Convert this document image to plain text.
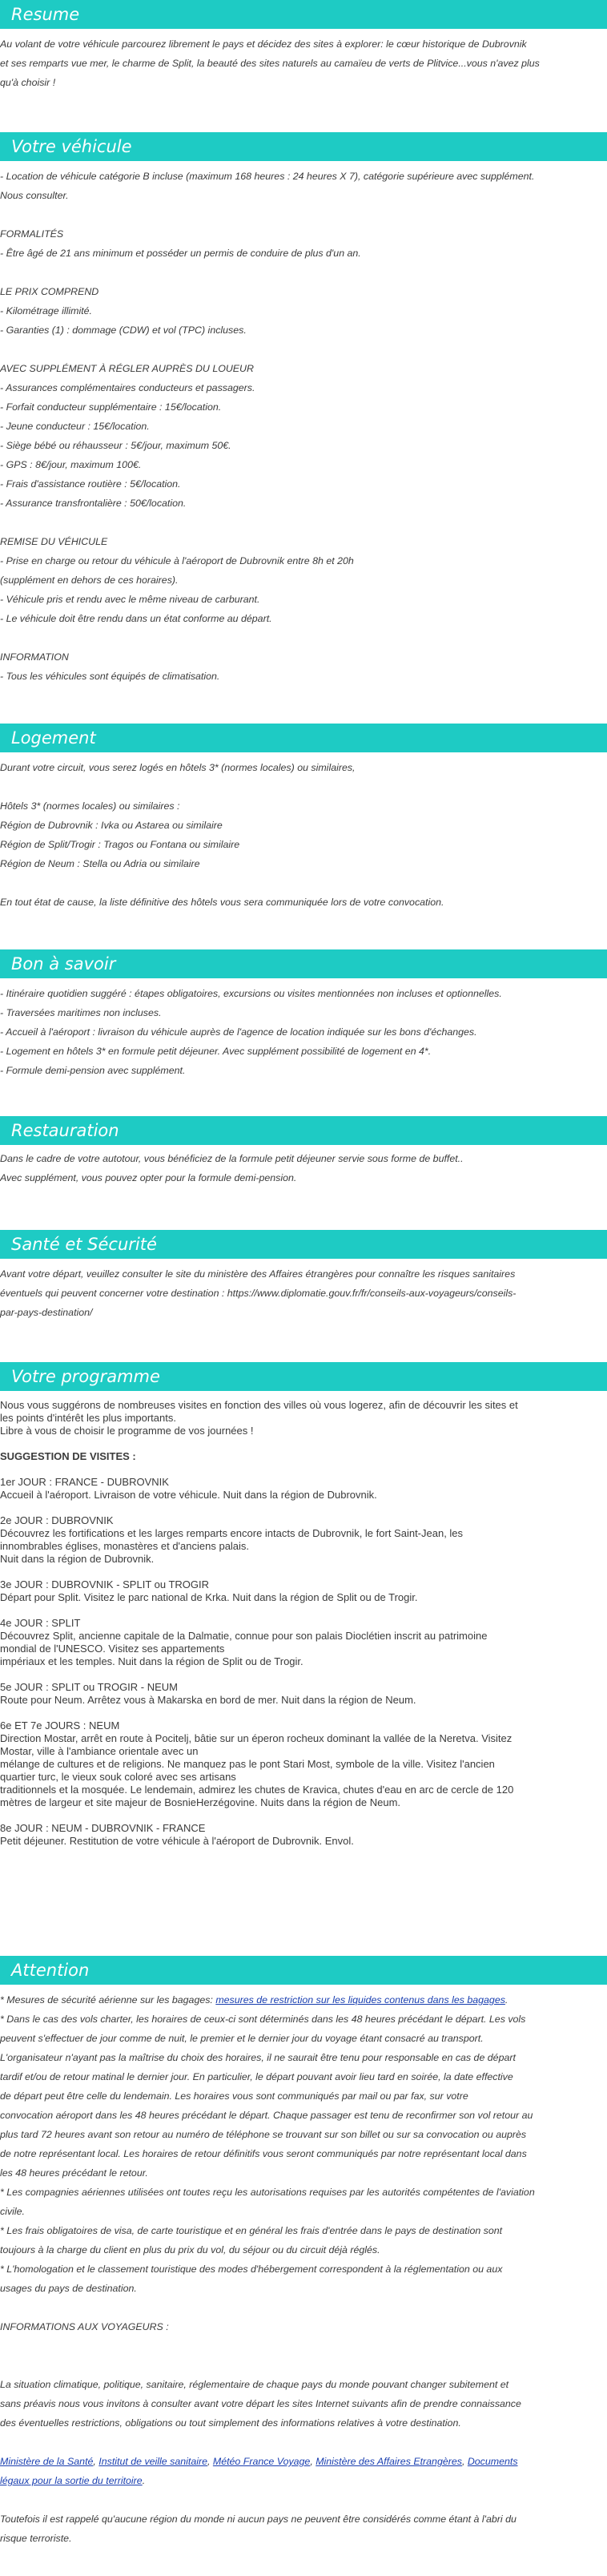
Resume
Au volant de votre véhicule parcourez librement le pays et décidez des sites à explorer: le cœur historique de Dubrovnik
et ses remparts vue mer, le charme de Split, la beauté des sites naturels au camaïeu de verts de Plitvice...vous n'avez plus
qu'à choisir !
Votre véhicule
- Location de véhicule catégorie B incluse (maximum 168 heures : 24 heures X 7), catégorie supérieure avec supplément.
Nous consulter.
FORMALITÉS
- Être âgé de 21 ans minimum et posséder un permis de conduire de plus d'un an.
LE PRIX COMPREND
- Kilométrage illimité.
- Garanties (1) : dommage (CDW) et vol (TPC) incluses.
AVEC SUPPLÉMENT À RÉGLER AUPRÈS DU LOUEUR
- Assurances complémentaires conducteurs et passagers.
- Forfait conducteur supplémentaire : 15€/location.
- Jeune conducteur : 15€/location.
- Siège bébé ou réhausseur : 5€/jour, maximum 50€.
- GPS : 8€/jour, maximum 100€.
- Frais d'assistance routière : 5€/location.
- Assurance transfrontalière : 50€/location.
REMISE DU VÉHICULE
- Prise en charge ou retour du véhicule à l'aéroport de Dubrovnik entre 8h et 20h
(supplément en dehors de ces horaires).
- Véhicule pris et rendu avec le même niveau de carburant.
- Le véhicule doit être rendu dans un état conforme au départ.
INFORMATION
- Tous les véhicules sont équipés de climatisation.
Logement
Durant votre circuit, vous serez logés en hôtels 3* (normes locales) ou similaires,
Hôtels 3* (normes locales) ou similaires :
Région de Dubrovnik : Ivka ou Astarea ou similaire
Région de Split/Trogir : Tragos ou Fontana ou similaire
Région de Neum : Stella ou Adria ou similaire
En tout état de cause, la liste définitive des hôtels vous sera communiquée lors de votre convocation.
Bon à savoir
- Itinéraire quotidien suggéré : étapes obligatoires, excursions ou visites mentionnées non incluses et optionnelles.
- Traversées maritimes non incluses.
- Accueil à l'aéroport : livraison du véhicule auprès de l'agence de location indiquée sur les bons d'échanges.
- Logement en hôtels 3* en formule petit déjeuner. Avec supplément possibilité de logement en 4*.
- Formule demi-pension avec supplément.
Restauration
Dans le cadre de votre autotour, vous bénéficiez de la formule petit déjeuner servie sous forme de buffet..
Avec supplément, vous pouvez opter pour la formule demi-pension.
Santé et Sécurité
Avant votre départ, veuillez consulter le site du ministère des Affaires étrangères pour connaître les risques sanitaires
éventuels qui peuvent concerner votre destination : https://www.diplomatie.gouv.fr/fr/conseils-aux-voyageurs/conseils-
par-pays-destination/
Votre programme
Nous vous suggérons de nombreuses visites en fonction des villes où vous logerez, afin de découvrir les sites et
les points d'intérêt les plus importants.
Libre à vous de choisir le programme de vos journées !
SUGGESTION DE VISITES :
1er JOUR : FRANCE - DUBROVNIK
Accueil à l'aéroport. Livraison de votre véhicule. Nuit dans la région de Dubrovnik.
2e JOUR : DUBROVNIK
Découvrez les fortifications et les larges remparts encore intacts de Dubrovnik, le fort Saint-Jean, les
innombrables églises, monastères et d'anciens palais.
Nuit dans la région de Dubrovnik.
3e JOUR : DUBROVNIK - SPLIT ou TROGIR
Départ pour Split. Visitez le parc national de Krka. Nuit dans la région de Split ou de Trogir.
4e JOUR : SPLIT
Découvrez Split, ancienne capitale de la Dalmatie, connue pour son palais Dioclétien inscrit au patrimoine
mondial de l'UNESCO. Visitez ses appartements
impériaux et les temples. Nuit dans la région de Split ou de Trogir.
5e JOUR : SPLIT ou TROGIR - NEUM
Route pour Neum. Arrêtez vous à Makarska en bord de mer. Nuit dans la région de Neum.
6e ET 7e JOURS : NEUM
Direction Mostar, arrêt en route à Pocitelj, bâtie sur un éperon rocheux dominant la vallée de la Neretva. Visitez
Mostar, ville à l'ambiance orientale avec un
mélange de cultures et de religions. Ne manquez pas le pont Stari Most, symbole de la ville. Visitez l'ancien
quartier turc, le vieux souk coloré avec ses artisans
traditionnels et la mosquée. Le lendemain, admirez les chutes de Kravica, chutes d'eau en arc de cercle de 120
mètres de largeur et site majeur de BosnieHerzégovine. Nuits dans la région de Neum.
8e JOUR : NEUM - DUBROVNIK - FRANCE
Petit déjeuner. Restitution de votre véhicule à l'aéroport de Dubrovnik. Envol.
Attention
* Mesures de sécurité aérienne sur les bagages: mesures de restriction sur les liquides contenus dans les bagages.
* Dans le cas des vols charter, les horaires de ceux-ci sont déterminés dans les 48 heures précédant le départ. Les vols
peuvent s'effectuer de jour comme de nuit, le premier et le dernier jour du voyage étant consacré au transport.
L'organisateur n'ayant pas la maîtrise du choix des horaires, il ne saurait être tenu pour responsable en cas de départ
tardif et/ou de retour matinal le dernier jour. En particulier, le départ pouvant avoir lieu tard en soirée, la date effective
de départ peut être celle du lendemain. Les horaires vous sont communiqués par mail ou par fax, sur votre
convocation aéroport dans les 48 heures précédant le départ. Chaque passager est tenu de reconfirmer son vol retour au
plus tard 72 heures avant son retour au numéro de téléphone se trouvant sur son billet ou sur sa convocation ou auprès
de notre représentant local. Les horaires de retour définitifs vous seront communiqués par notre représentant local dans
les 48 heures précédant le retour.
* Les compagnies aériennes utilisées ont toutes reçu les autorisations requises par les autorités compétentes de l'aviation
civile.
* Les frais obligatoires de visa, de carte touristique et en général les frais d'entrée dans le pays de destination sont
toujours à la charge du client en plus du prix du vol, du séjour ou du circuit déjà réglés.
* L'homologation et le classement touristique des modes d'hébergement correspondent à la réglementation ou aux
usages du pays de destination.
INFORMATIONS AUX VOYAGEURS :
La situation climatique, politique, sanitaire, réglementaire de chaque pays du monde pouvant changer subitement et
sans préavis nous vous invitons à consulter avant votre départ les sites Internet suivants afin de prendre connaissance
des éventuelles restrictions, obligations ou tout simplement des informations relatives à votre destination.
Ministère de la Santé, Institut de veille sanitaire, Météo France Voyage, Ministère des Affaires Etrangères, Documents
légaux pour la sortie du territoire.
Toutefois il est rappelé qu'aucune région du monde ni aucun pays ne peuvent être considérés comme étant à l'abri du
risque terroriste.
